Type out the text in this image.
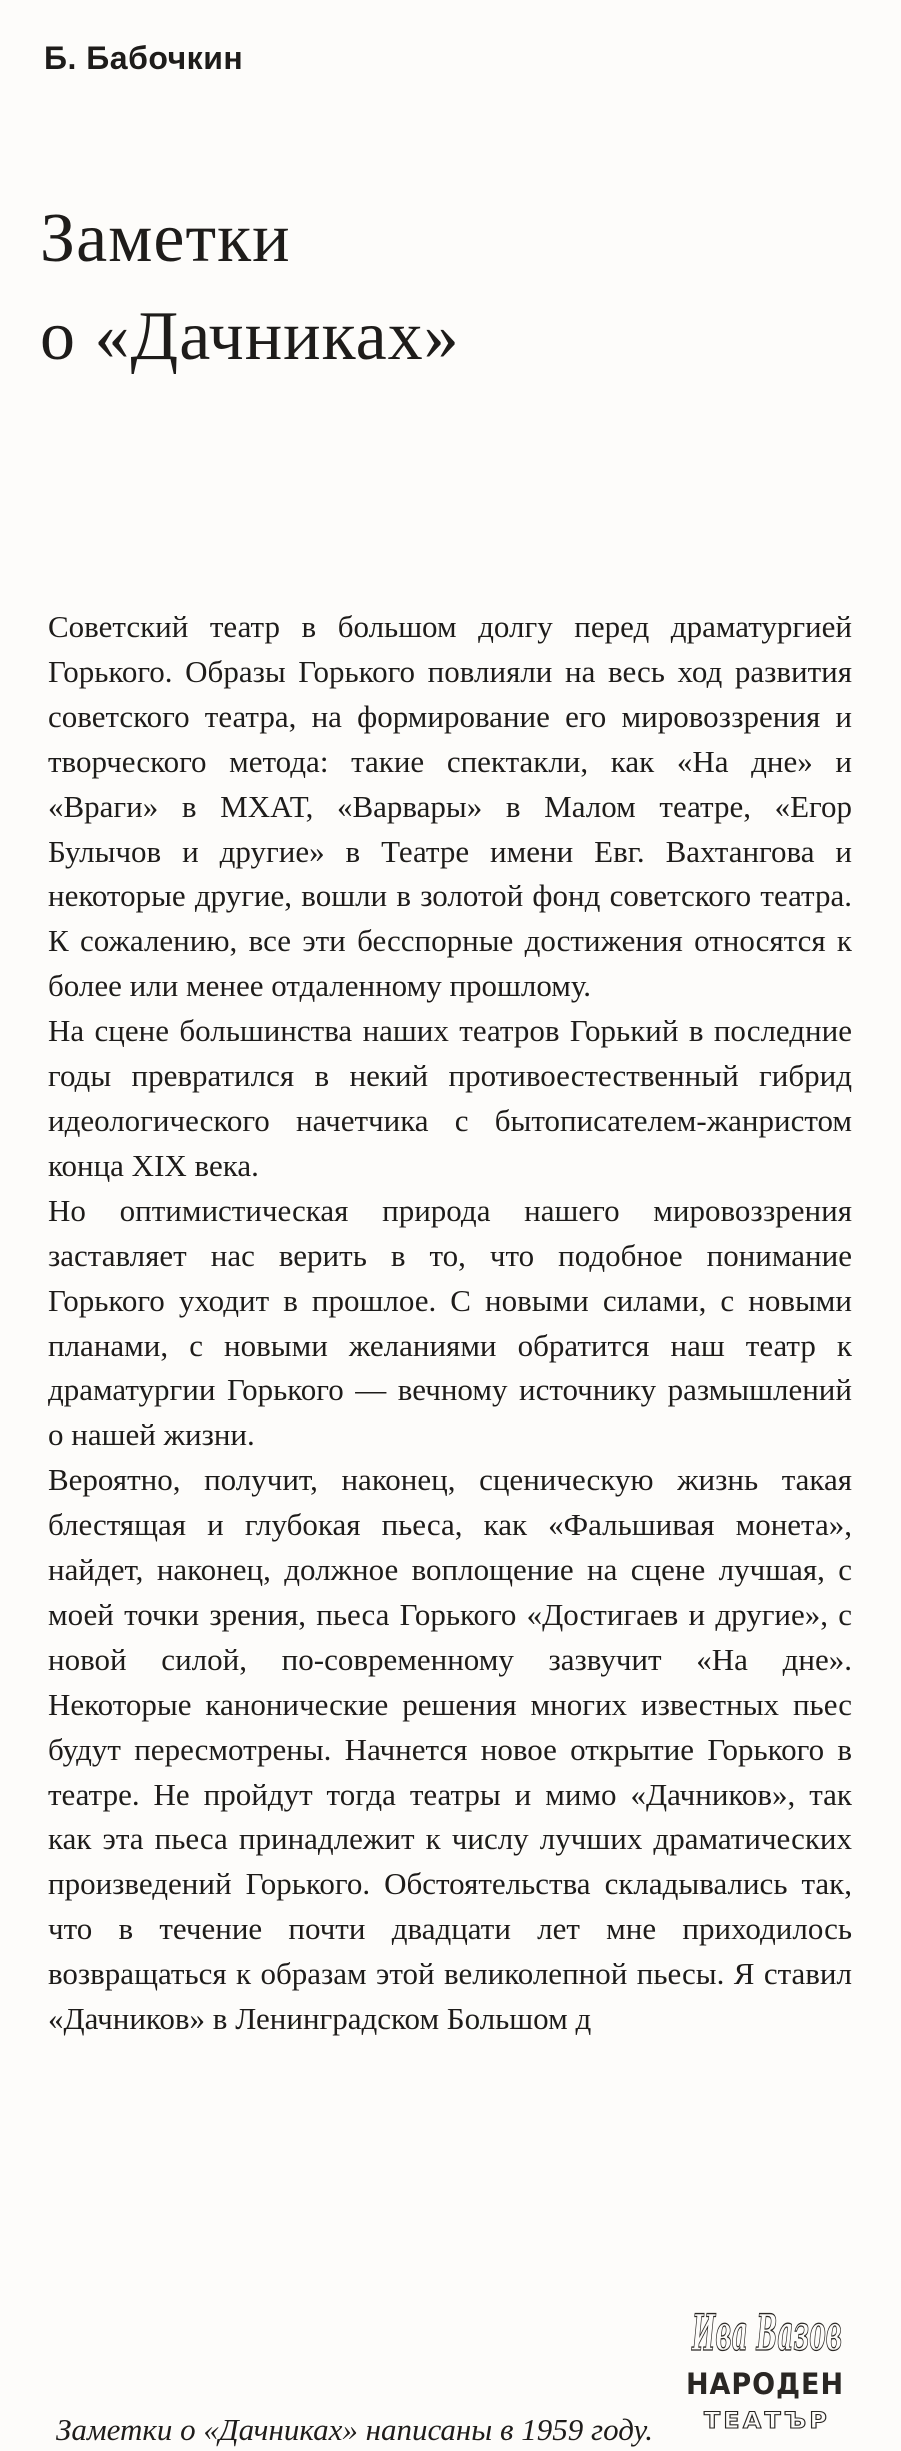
Б. Бабочкин
Заметки
о «Дачниках»

Советский театр в большом долгу перед драматургией Горького. Образы Горького повлияли на весь ход развития советского театра, на формирование его мировоззрения и творческого метода: такие спектакли, как «На дне» и «Враги» в МХАТ, «Варвары» в Малом театре, «Егор Булычов и другие» в Театре имени Евг. Вахтангова и некоторые другие, вошли в золотой фонд советского театра. К сожалению, все эти бесспорные достижения относятся к более или менее отдаленному прошлому.

На сцене большинства наших театров Горький в последние годы превратился в некий противоестественный гибрид идеологического начетчика с бытописателем-жанристом конца XIX века.

Но оптимистическая природа нашего мировоззрения заставляет нас верить в то, что подобное понимание Горького уходит в прошлое. С новыми силами, с новыми планами, с новыми желаниями обратится наш театр к драматургии Горького — вечному источнику размышлений о нашей жизни.

Вероятно, получит, наконец, сценическую жизнь такая блестящая и глубокая пьеса, как «Фальшивая монета», найдет, наконец, должное воплощение на сцене лучшая, с моей точки зрения, пьеса Горького «Достигаев и другие», с новой силой, по-современному зазвучит «На дне». Некоторые канонические решения многих известных пьес будут пересмотрены. Начнется новое открытие Горького в театре. Не пройдут тогда театры и мимо «Дачников», так как эта пьеса принадлежит к числу лучших драматических произведений Горького. Обстоятельства складывались так, что в течение почти двадцати лет мне приходилось возвращаться к образам этой великолепной пьесы. Я ставил «Дачников» в Ленинградском Большом д

Ива Вазов
НАРОДЕН
ТЕАТЪР

Заметки о «Дачниках» написаны в 1959 году.
